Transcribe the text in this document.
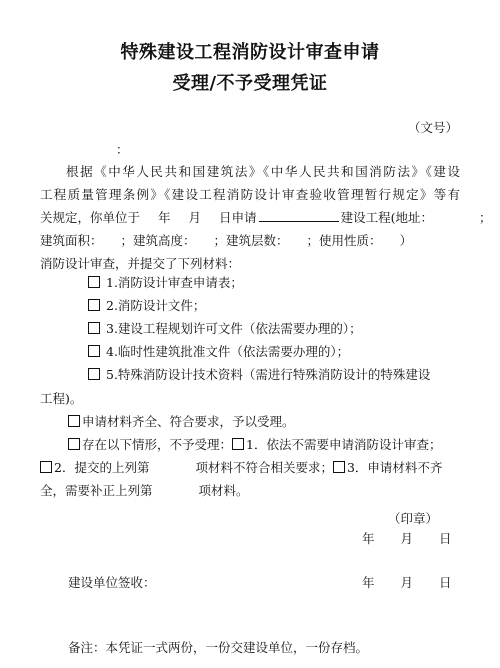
特殊建设工程消防设计审查申请
受理/不予受理凭证
（文号）
：
根据《中华人民共和国建筑法》《中华人民共和国消防法》《建设
工程质量管理条例》《建设工程消防设计审查验收管理暂行规定》等有
关规定，你单位于 年 月 日申请	建设工程(地址：	；
建筑面积： ；建筑高度： ；建筑层数： ；使用性质： ）
消防设计审查，并提交了下列材料：
1.消防设计审查申请表；
2.消防设计文件；
3.建设工程规划许可文件（依法需要办理的）；
4.临时性建筑批准文件（依法需要办理的）；
5.特殊消防设计技术资料（需进行特殊消防设计的特殊建设
工程)。
申请材料齐全、符合要求，予以受理。
存在以下情形，不予受理： 1．依法不需要申请消防设计审查；
2．提交的上列第	项材料不符合相关要求； 3．申请材料不齐
全，需要补正上列第	项材料。
（印章）
年 月 日
建设单位签收：	年 月 日
备注：本凭证一式两份，一份交建设单位，一份存档。
